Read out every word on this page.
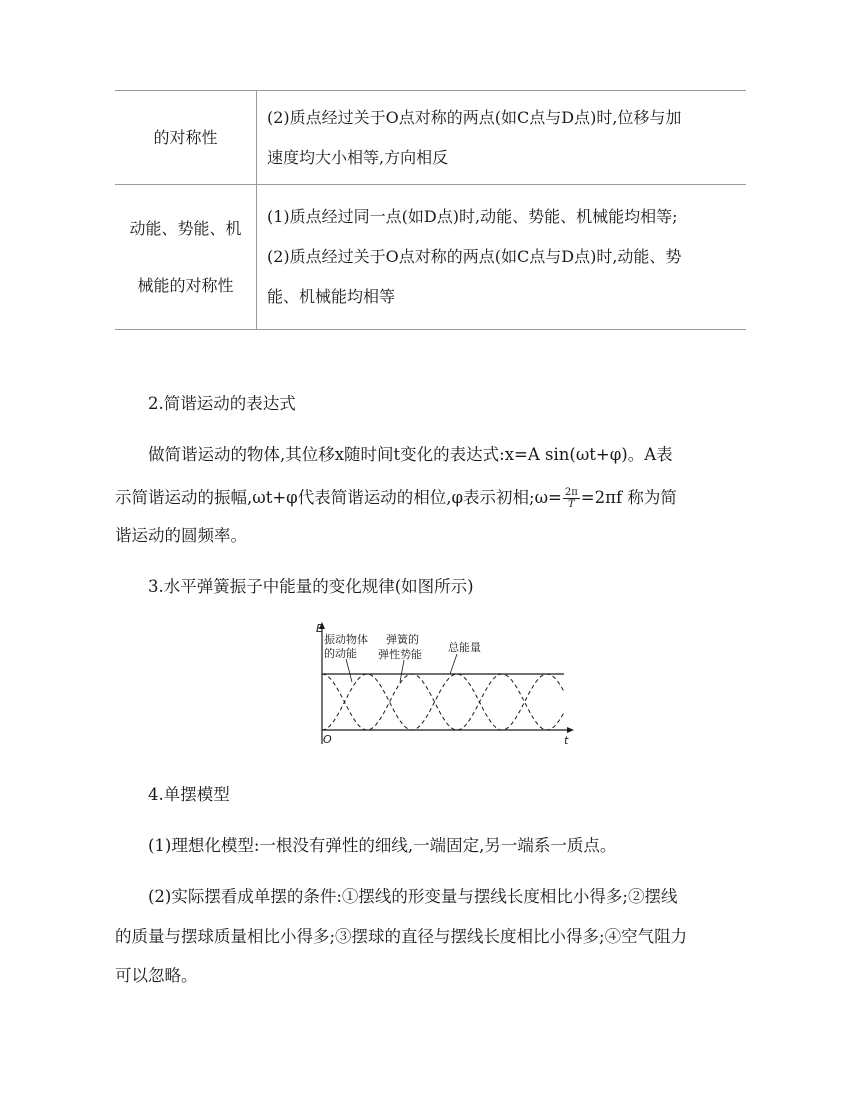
的对称性	(2)质点经过关于O点对称的两点(如C点与D点)时,位移与加
速度均大小相等,方向相反

动能、势能、机
械能的对称性	(1)质点经过同一点(如D点)时,动能、势能、机械能均相等;
(2)质点经过关于O点对称的两点(如C点与D点)时,动能、势
能、机械能均相等
2.简谐运动的表达式
做简谐运动的物体,其位移x随时间t变化的表达式:x=A sin(ωt+φ)。A表
示简谐运动的振幅,ωt+φ代表简谐运动的相位,φ表示初相;ω= $\frac{2\pi}{T} =2\pi f$ 称为简
谐运动的圆频率。
3.水平弹簧振子中能量的变化规律(如图所示)
E
t
O
振动物体
的动能
弹簧的
弹性势能
总能量
4.单摆模型
(1)理想化模型:一根没有弹性的细线,一端固定,另一端系一质点。
(2)实际摆看成单摆的条件:①摆线的形变量与摆线长度相比小得多;②摆线
的质量与摆球质量相比小得多;③摆球的直径与摆线长度相比小得多;④空气阻力
可以忽略。
